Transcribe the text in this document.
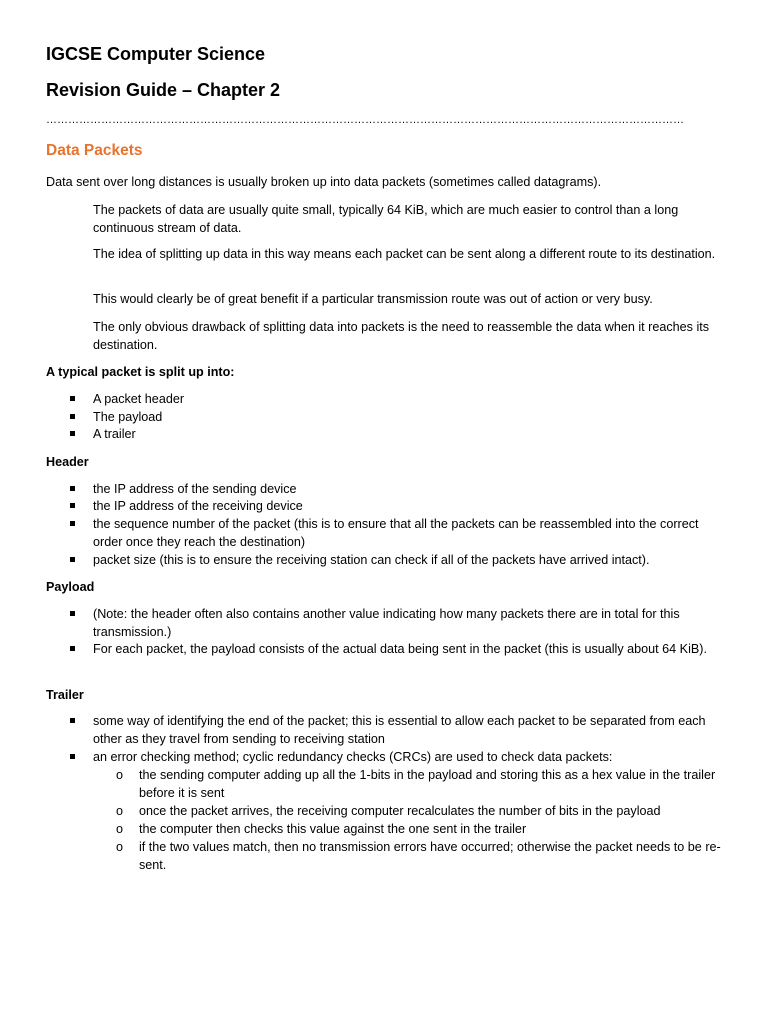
IGCSE Computer Science
Revision Guide – Chapter 2
…………………………………………………………………………………………………………………………………………………………
Data Packets
Data sent over long distances is usually broken up into data packets (sometimes called datagrams).
The packets of data are usually quite small, typically 64 KiB, which are much easier to control than a long continuous stream of data.
The idea of splitting up data in this way means each packet can be sent along a different route to its destination.
This would clearly be of great benefit if a particular transmission route was out of action or very busy.
The only obvious drawback of splitting data into packets is the need to reassemble the data when it reaches its destination.
A typical packet is split up into:
A packet header
The payload
A trailer
Header
the IP address of the sending device
the IP address of the receiving device
the sequence number of the packet (this is to ensure that all the packets can be reassembled into the correct order once they reach the destination)
packet size (this is to ensure the receiving station can check if all of the packets have arrived intact).
Payload
(Note: the header often also contains another value indicating how many packets there are in total for this transmission.)
For each packet, the payload consists of the actual data being sent in the packet (this is usually about 64 KiB).
Trailer
some way of identifying the end of the packet; this is essential to allow each packet to be separated from each other as they travel from sending to receiving station
an error checking method; cyclic redundancy checks (CRCs) are used to check data packets:
o the sending computer adding up all the 1-bits in the payload and storing this as a hex value in the trailer before it is sent
o once the packet arrives, the receiving computer recalculates the number of bits in the payload
o the computer then checks this value against the one sent in the trailer
o if the two values match, then no transmission errors have occurred; otherwise the packet needs to be re-sent.
